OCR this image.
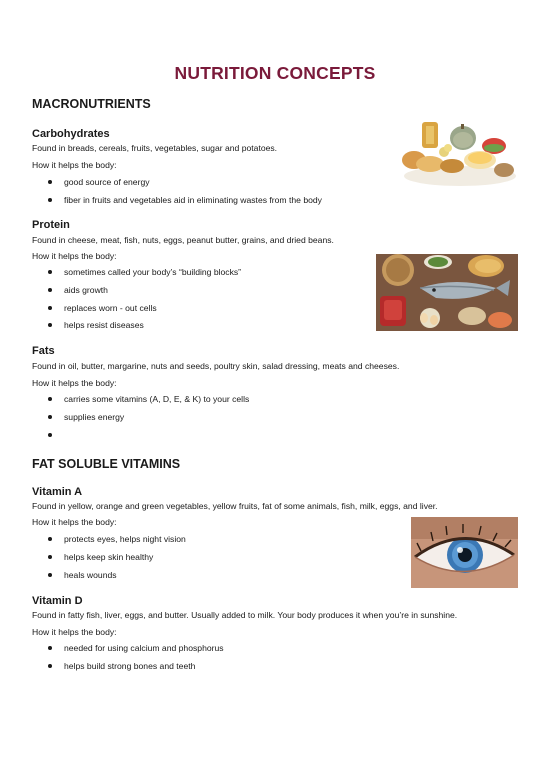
NUTRITION CONCEPTS
MACRONUTRIENTS
Carbohydrates

Found in breads, cereals, fruits, vegetables, sugar and potatoes.

How it helps the body:

good source of energy
fiber in fruits and vegetables aid in eliminating wastes from the body
Protein

Found in cheese, meat, fish, nuts, eggs, peanut butter, grains, and dried beans.

How it helps the body:

sometimes called your body’s “building blocks”
aids growth
replaces worn - out cells
helps resist diseases
Fats

Found in oil, butter, margarine, nuts and seeds, poultry skin, salad dressing, meats and cheeses.

How it helps the body:

carries some vitamins (A, D, E, & K) to your cells
supplies energy
FAT SOLUBLE VITAMINS
Vitamin A

Found in yellow, orange and green vegetables, yellow fruits, fat of some animals, fish, milk, eggs, and liver.

How it helps the body:

protects eyes, helps night vision
helps keep skin healthy
heals wounds
Vitamin D

Found in fatty fish, liver, eggs, and butter. Usually added to milk. Your body produces it when you’re in sunshine.

How it helps the body:

needed for using calcium and phosphorus
helps build strong bones and teeth
